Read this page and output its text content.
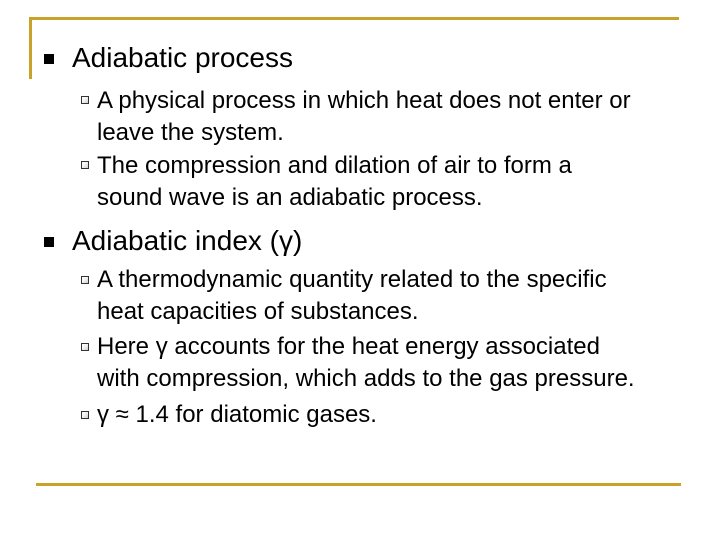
Adiabatic process
A physical process in which heat does not enter or
leave the system.
The compression and dilation of air to form a
sound wave is an adiabatic process.
Adiabatic index (γ)
A thermodynamic quantity related to the specific
heat capacities of substances.
Here γ accounts for the heat energy associated
with compression, which adds to the gas pressure.
γ ≈ 1.4 for diatomic gases.
